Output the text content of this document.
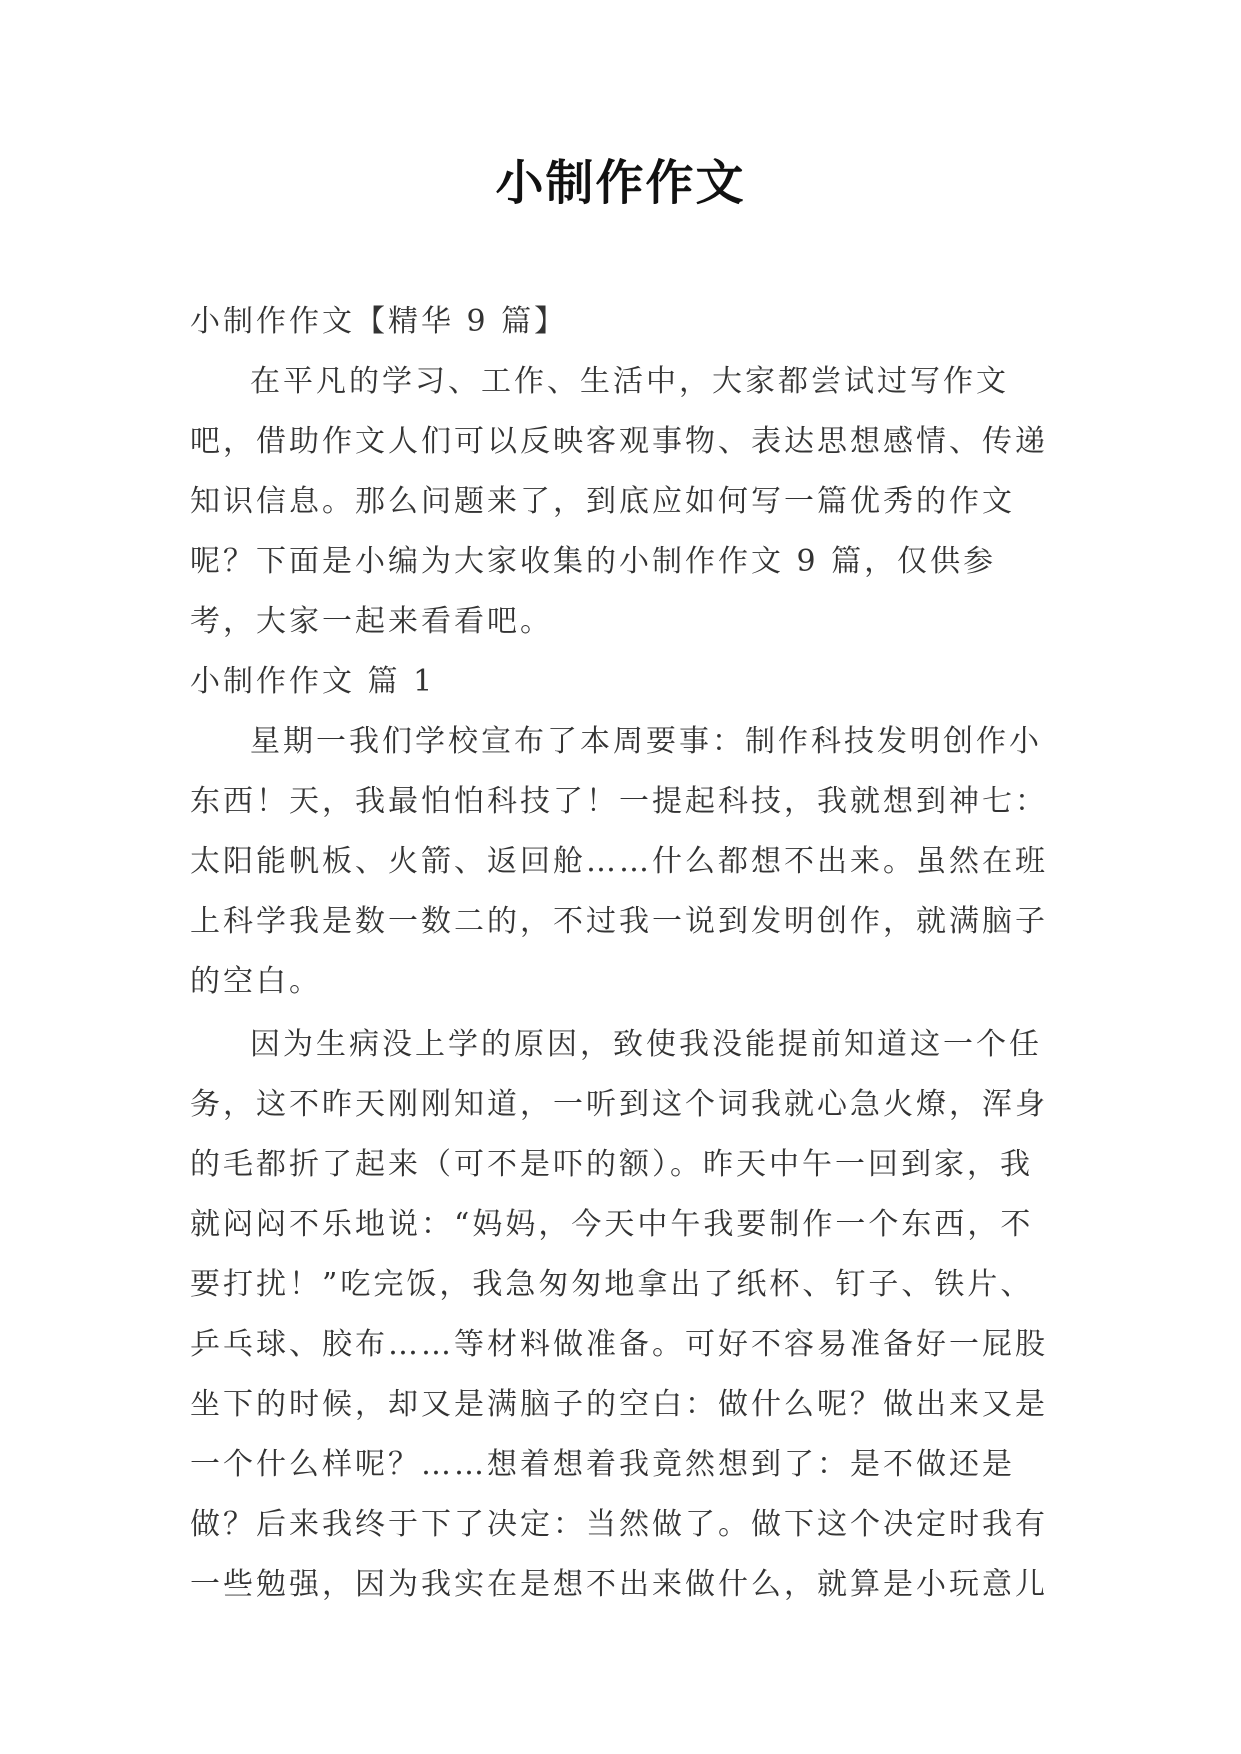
小制作作文

小制作作文【精华 9 篇】

在平凡的学习、工作、生活中，大家都尝试过写作文吧，借助作文人们可以反映客观事物、表达思想感情、传递知识信息。那么问题来了，到底应如何写一篇优秀的作文呢？下面是小编为大家收集的小制作作文 9 篇，仅供参考，大家一起来看看吧。

小制作作文 篇 1

星期一我们学校宣布了本周要事：制作科技发明创作小东西！天，我最怕怕科技了！一提起科技，我就想到神七：太阳能帆板、火箭、返回舱……什么都想不出来。虽然在班上科学我是数一数二的，不过我一说到发明创作，就满脑子的空白。

因为生病没上学的原因，致使我没能提前知道这一个任务，这不昨天刚刚知道，一听到这个词我就心急火燎，浑身的毛都折了起来（可不是吓的额）。昨天中午一回到家，我就闷闷不乐地说：“妈妈，今天中午我要制作一个东西，不要打扰！”吃完饭，我急匆匆地拿出了纸杯、钉子、铁片、乒乓球、胶布……等材料做准备。可好不容易准备好一屁股坐下的时候，却又是满脑子的空白：做什么呢？做出来又是一个什么样呢？……想着想着我竟然想到了：是不做还是做？后来我终于下了决定：当然做了。做下这个决定时我有一些勉强，因为我实在是想不出来做什么，就算是小玩意儿
